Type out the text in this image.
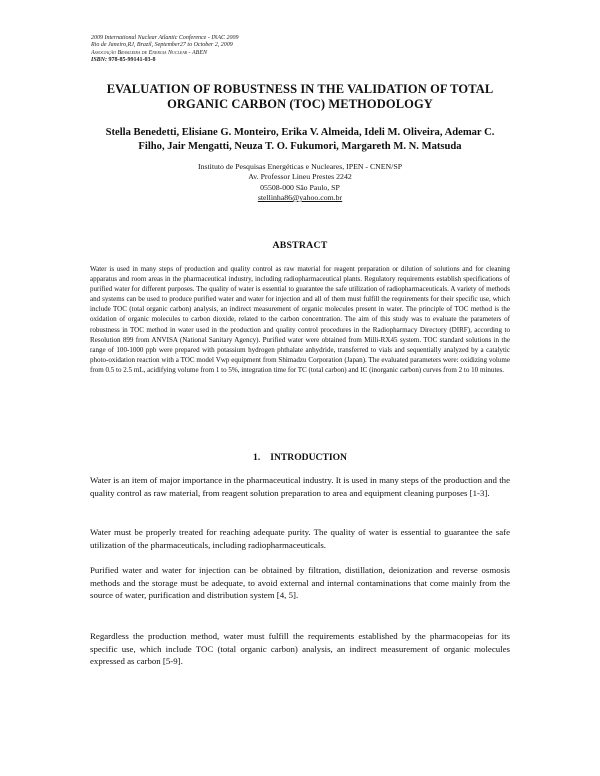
2009 International Nuclear Atlantic Conference - INAC 2009
Rio de Janeiro,RJ, Brazil, September27 to October 2, 2009
Associação Brasileira de Energia Nuclear - ABEN
ISBN: 978-85-99141-03-8
EVALUATION OF ROBUSTNESS IN THE VALIDATION OF TOTAL
ORGANIC CARBON (TOC) METHODOLOGY
Stella Benedetti, Elisiane G. Monteiro, Erika V. Almeida, Ideli M. Oliveira, Ademar C.
Filho, Jair Mengatti, Neuza T. O. Fukumori, Margareth M. N. Matsuda
Instituto de Pesquisas Energéticas e Nucleares, IPEN - CNEN/SP
Av. Professor Lineu Prestes 2242
05508-000 São Paulo, SP
stellinha86@yahoo.com.br
ABSTRACT
Water is used in many steps of production and quality control as raw material for reagent preparation or dilution of solutions and for cleaning apparatus and room areas in the pharmaceutical industry, including radiopharmaceutical plants. Regulatory requirements establish specifications of purified water for different purposes. The quality of water is essential to guarantee the safe utilization of radiopharmaceuticals. A variety of methods and systems can be used to produce purified water and water for injection and all of them must fulfill the requirements for their specific use, which include TOC (total organic carbon) analysis, an indirect measurement of organic molecules present in water. The principle of TOC method is the oxidation of organic molecules to carbon dioxide, related to the carbon concentration. The aim of this study was to evaluate the parameters of robustness in TOC method in water used in the production and quality control procedures in the Radiopharmacy Directory (DIRF), according to Resolution 899 from ANVISA (National Sanitary Agency). Purified water were obtained from Milli-RX45 system. TOC standard solutions in the range of 100-1000 ppb were prepared with potassium hydrogen phthalate anhydride, transferred to vials and sequentially analyzed by a catalytic photo-oxidation reaction with a TOC model Vwp equipment from Shimadzu Corporation (Japan). The evaluated parameters were: oxidizing volume from 0.5 to 2.5 mL, acidifying volume from 1 to 5%, integration time for TC (total carbon) and IC (inorganic carbon) curves from 2 to 10 minutes.
1. INTRODUCTION
Water is an item of major importance in the pharmaceutical industry. It is used in many steps of the production and the quality control as raw material, from reagent solution preparation to area and equipment cleaning purposes [1-3].
Water must be properly treated for reaching adequate purity. The quality of water is essential to guarantee the safe utilization of the pharmaceuticals, including radiopharmaceuticals.
Purified water and water for injection can be obtained by filtration, distillation, deionization and reverse osmosis methods and the storage must be adequate, to avoid external and internal contaminations that come mainly from the source of water, purification and distribution system [4, 5].
Regardless the production method, water must fulfill the requirements established by the pharmacopeias for its specific use, which include TOC (total organic carbon) analysis, an indirect measurement of organic molecules expressed as carbon [5-9].
